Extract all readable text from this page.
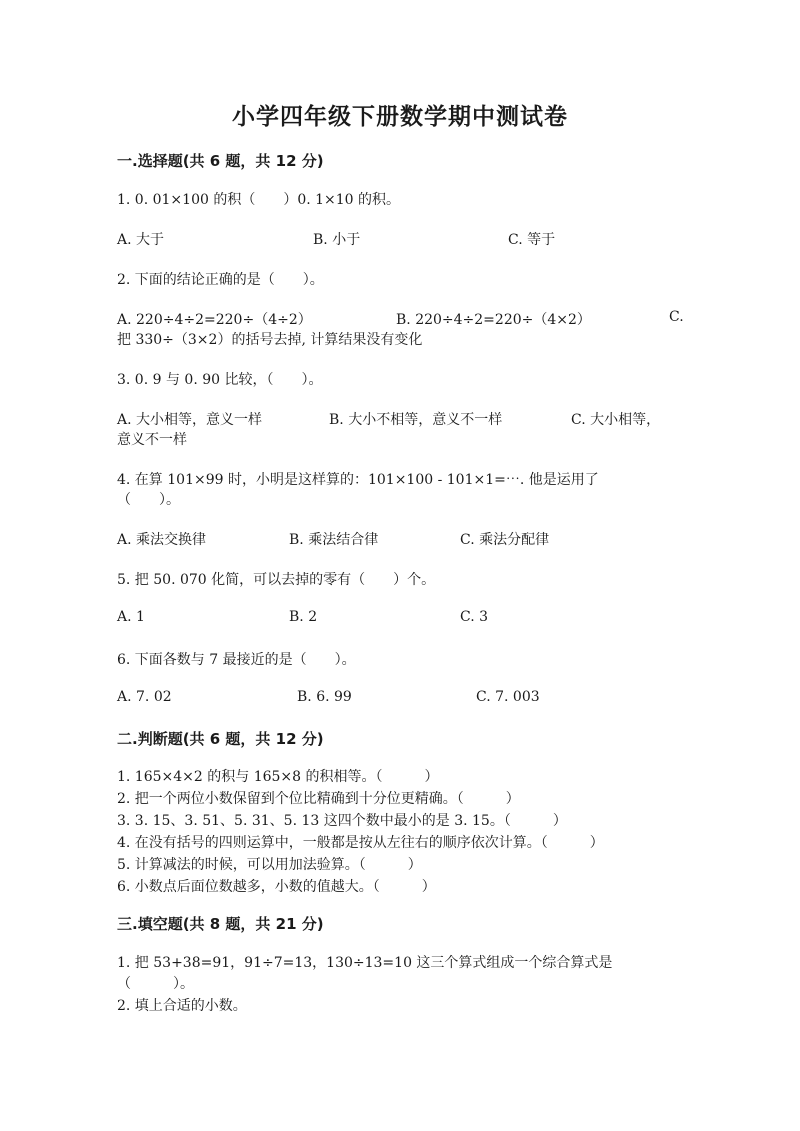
小学四年级下册数学期中测试卷
一.选择题(共 6 题，共 12 分)
1. 0. 01×100 的积（　　）0. 1×10 的积。
A. 大于	B. 小于	C. 等于
2. 下面的结论正确的是（　　）。
A. 220÷4÷2=220÷（4÷2）	B. 220÷4÷2=220÷（4×2）	C.
把 330÷（3×2）的括号去掉, 计算结果没有变化
3. 0. 9 与 0. 90 比较，（　　）。
A. 大小相等，意义一样	B. 大小不相等，意义不一样	C. 大小相等，
意义不一样
4. 在算 101×99 时，小明是这样算的：101×100 - 101×1=⋯. 他是运用了
（　　）。
A. 乘法交换律	B. 乘法结合律	C. 乘法分配律
5. 把 50. 070 化简，可以去掉的零有（　　）个。
A. 1	B. 2	C. 3
6. 下面各数与 7 最接近的是（　　）。
A. 7. 02	B. 6. 99	C. 7. 003
二.判断题(共 6 题，共 12 分)
1. 165×4×2 的积与 165×8 的积相等。（　　　）
2. 把一个两位小数保留到个位比精确到十分位更精确。（　　　）
3. 3. 15、3. 51、5. 31、5. 13 这四个数中最小的是 3. 15。（　　　）
4. 在没有括号的四则运算中，一般都是按从左往右的顺序依次计算。（　　　）
5. 计算减法的时候，可以用加法验算。（　　　）
6. 小数点后面位数越多，小数的值越大。（　　　）
三.填空题(共 8 题，共 21 分)
1. 把 53+38=91，91÷7=13，130÷13=10 这三个算式组成一个综合算式是
（　　　）。
2. 填上合适的小数。
